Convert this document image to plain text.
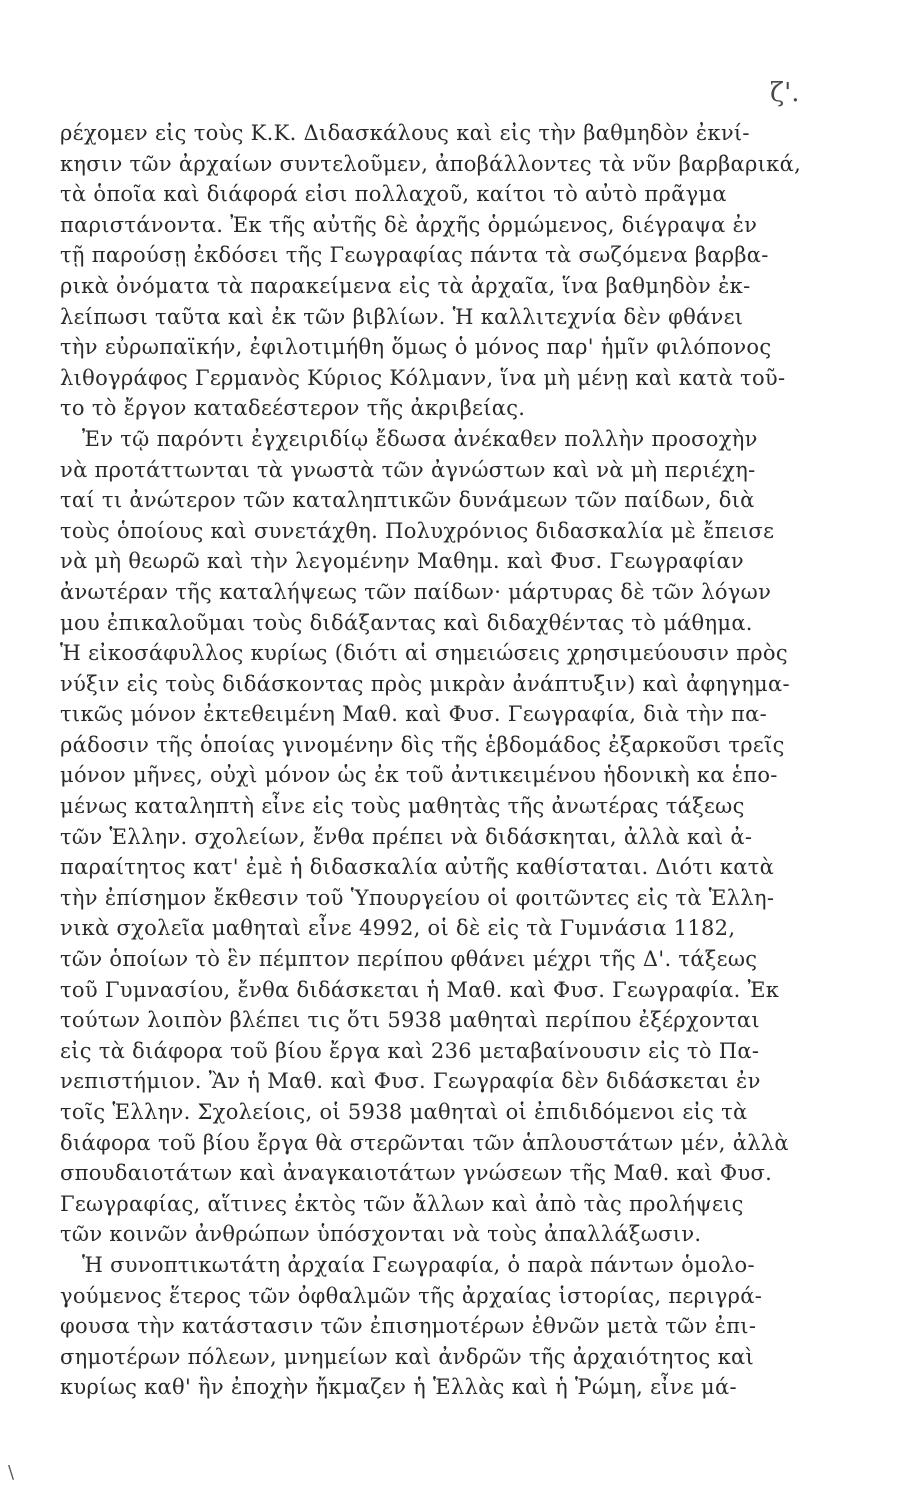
ζ'.
ρέχομεν εἰς τοὺς Κ.Κ. Διδασκάλους καὶ εἰς τὴν βαθμηδὸν ἐκνί-
κησιν τῶν ἀρχαίων συντελοῦμεν, ἀποβάλλοντες τὰ νῦν βαρβαρικά,
τὰ ὁποῖα καὶ διάφορά εἰσι πολλαχοῦ, καίτοι τὸ αὐτὸ πρᾶγμα
παριστάνοντα. Ἐκ τῆς αὐτῆς δὲ ἀρχῆς ὁρμώμενος, διέγραψα ἐν
τῇ παρούσῃ ἐκδόσει τῆς Γεωγραφίας πάντα τὰ σωζόμενα βαρβα-
ρικὰ ὀνόματα τὰ παρακείμενα εἰς τὰ ἀρχαῖα, ἵνα βαθμηδὸν ἐκ-
λείπωσι ταῦτα καὶ ἐκ τῶν βιβλίων. Ἡ καλλιτεχνία δὲν φθάνει
τὴν εὐρωπαϊκήν, ἐφιλοτιμήθη ὅμως ὁ μόνος παρ' ἡμῖν φιλόπονος
λιθογράφος Γερμανὸς Κύριος Κόλμανν, ἵνα μὴ μένῃ καὶ κατὰ τοῦ-
το τὸ ἔργον καταδεέστερον τῆς ἀκριβείας.
Ἐν τῷ παρόντι ἐγχειριδίῳ ἔδωσα ἀνέκαθεν πολλὴν προσοχὴν
νὰ προτάττωνται τὰ γνωστὰ τῶν ἀγνώστων καὶ νὰ μὴ περιέχη-
ταί τι ἀνώτερον τῶν καταληπτικῶν δυνάμεων τῶν παίδων, διὰ
τοὺς ὁποίους καὶ συνετάχθη. Πολυχρόνιος διδασκαλία μὲ ἔπεισε
νὰ μὴ θεωρῶ καὶ τὴν λεγομένην Μαθημ. καὶ Φυσ. Γεωγραφίαν
ἀνωτέραν τῆς καταλήψεως τῶν παίδων· μάρτυρας δὲ τῶν λόγων
μου ἐπικαλοῦμαι τοὺς διδάξαντας καὶ διδαχθέντας τὸ μάθημα.
Ἡ εἰκοσάφυλλος κυρίως (διότι αἱ σημειώσεις χρησιμεύουσιν πρὸς
νύξιν εἰς τοὺς διδάσκοντας πρὸς μικρὰν ἀνάπτυξιν) καὶ ἀφηγημα-
τικῶς μόνον ἐκτεθειμένη Μαθ. καὶ Φυσ. Γεωγραφία, διὰ τὴν πα-
ράδοσιν τῆς ὁποίας γινομένην δὶς τῆς ἑβδομάδος ἐξαρκοῦσι τρεῖς
μόνον μῆνες, οὐχὶ μόνον ὡς ἐκ τοῦ ἀντικειμένου ἡδονικὴ κα ἑπο-
μένως καταληπτὴ εἶνε εἰς τοὺς μαθητὰς τῆς ἀνωτέρας τάξεως
τῶν Ἑλλην. σχολείων, ἔνθα πρέπει νὰ διδάσκηται, ἀλλὰ καὶ ἀ-
παραίτητος κατ' ἐμὲ ἡ διδασκαλία αὐτῆς καθίσταται. Διότι κατὰ
τὴν ἐπίσημον ἔκθεσιν τοῦ Ὑπουργείου οἱ φοιτῶντες εἰς τὰ Ἑλλη-
νικὰ σχολεῖα μαθηταὶ εἶνε 4992, οἱ δὲ εἰς τὰ Γυμνάσια 1182,
τῶν ὁποίων τὸ ἓν πέμπτον περίπου φθάνει μέχρι τῆς Δ'. τάξεως
τοῦ Γυμνασίου, ἔνθα διδάσκεται ἡ Μαθ. καὶ Φυσ. Γεωγραφία. Ἐκ
τούτων λοιπὸν βλέπει τις ὅτι 5938 μαθηταὶ περίπου ἐξέρχονται
εἰς τὰ διάφορα τοῦ βίου ἔργα καὶ 236 μεταβαίνουσιν εἰς τὸ Πα-
νεπιστήμιον. Ἂν ἡ Μαθ. καὶ Φυσ. Γεωγραφία δὲν διδάσκεται ἐν
τοῖς Ἑλλην. Σχολείοις, οἱ 5938 μαθηταὶ οἱ ἐπιδιδόμενοι εἰς τὰ
διάφορα τοῦ βίου ἔργα θὰ στερῶνται τῶν ἁπλουστάτων μέν, ἀλλὰ
σπουδαιοτάτων καὶ ἀναγκαιοτάτων γνώσεων τῆς Μαθ. καὶ Φυσ.
Γεωγραφίας, αἵτινες ἐκτὸς τῶν ἄλλων καὶ ἀπὸ τὰς προλήψεις
τῶν κοινῶν ἀνθρώπων ὑπόσχονται νὰ τοὺς ἀπαλλάξωσιν.
Ἡ συνοπτικωτάτη ἀρχαία Γεωγραφία, ὁ παρὰ πάντων ὁμολο-
γούμενος ἕτερος τῶν ὀφθαλμῶν τῆς ἀρχαίας ἱστορίας, περιγρά-
φουσα τὴν κατάστασιν τῶν ἐπισημοτέρων ἐθνῶν μετὰ τῶν ἐπι-
σημοτέρων πόλεων, μνημείων καὶ ἀνδρῶν τῆς ἀρχαιότητος καὶ
κυρίως καθ' ἣν ἐποχὴν ἤκμαζεν ἡ Ἑλλὰς καὶ ἡ Ῥώμη, εἶνε μά-
\
